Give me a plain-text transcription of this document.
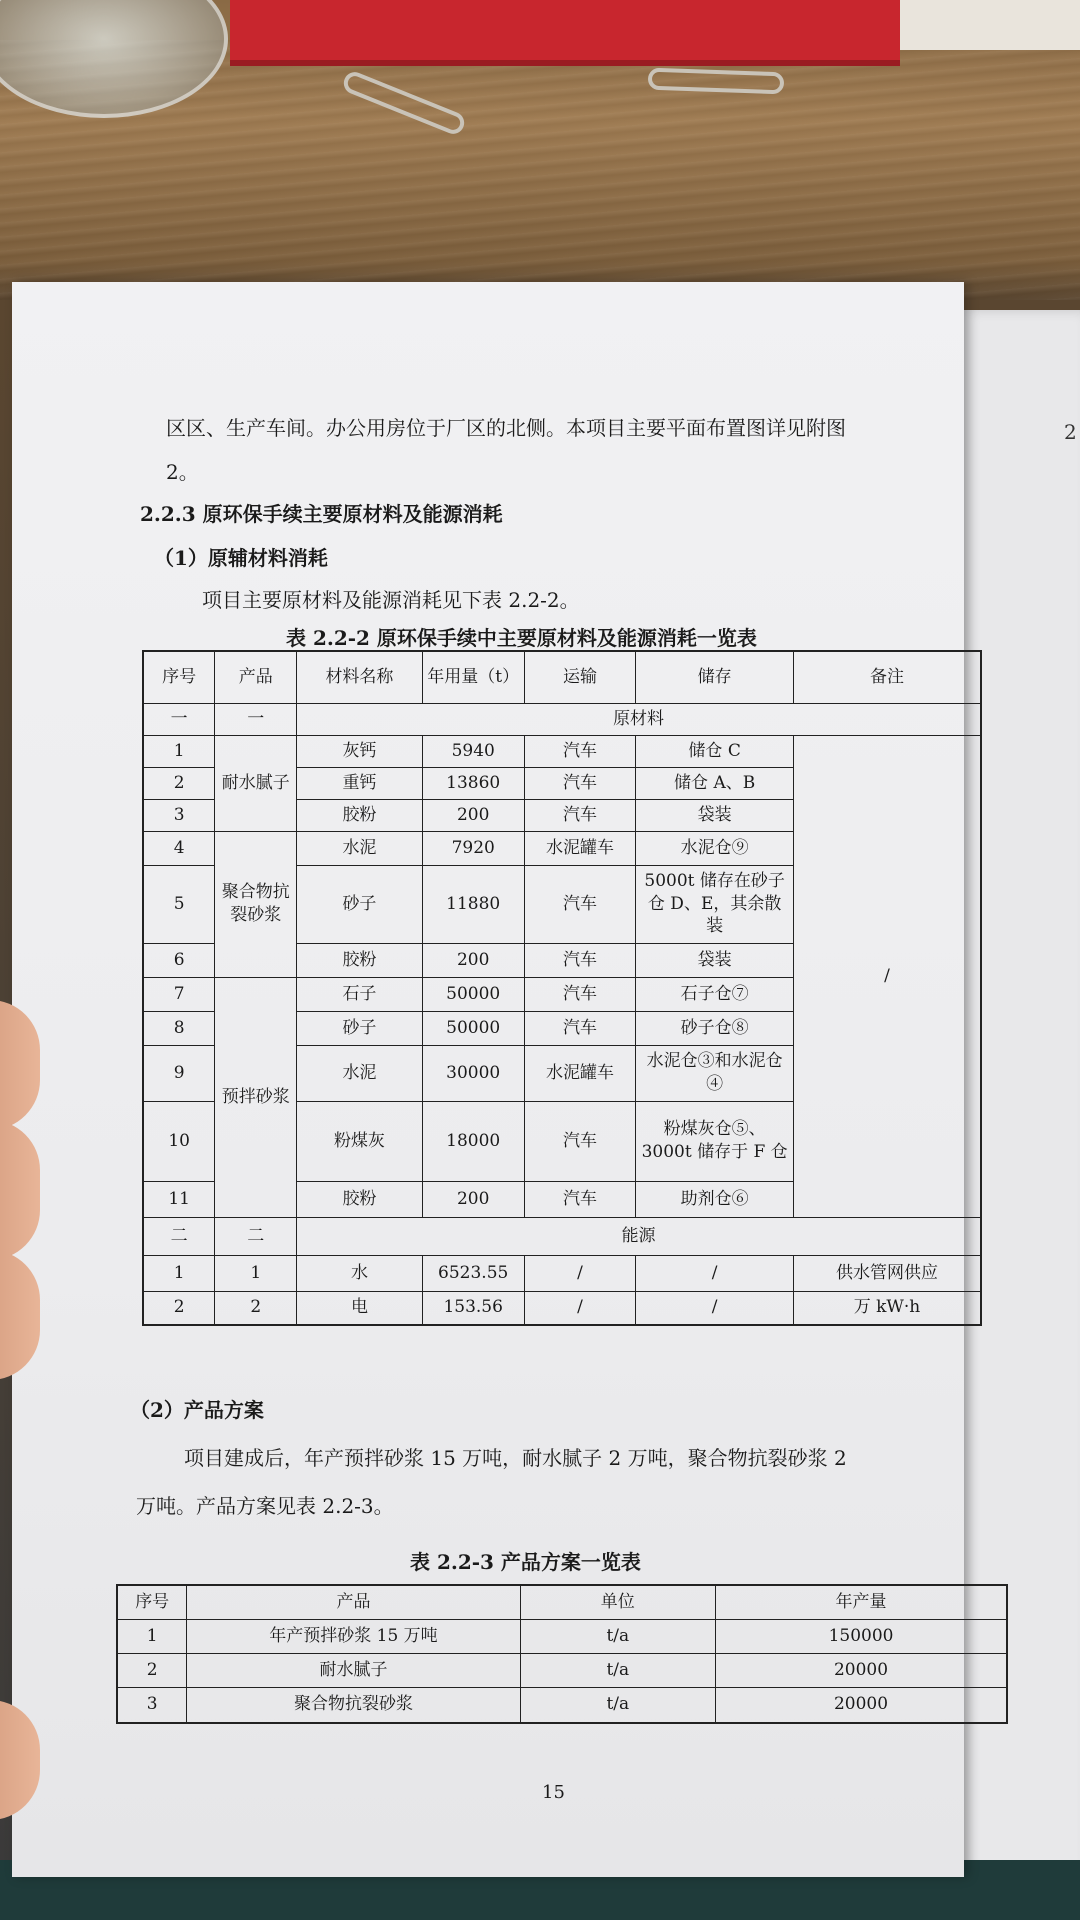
2
区区、生产车间。办公用房位于厂区的北侧。本项目主要平面布置图详见附图
2。
2.2.3 原环保手续主要原材料及能源消耗
（1）原辅材料消耗
项目主要原材料及能源消耗见下表 2.2-2。
表 2.2-2 原环保手续中主要原材料及能源消耗一览表
序号	产品	材料名称	年用量（t）	运输	储存	备注
一	一	原材料				
1	耐水腻子	灰钙	5940	汽车	储仓 C	/
2		重钙	13860	汽车	储仓 A、B	
3		胶粉	200	汽车	袋装	
4	聚合物抗裂砂浆	水泥	7920	水泥罐车	水泥仓⑨	
5		砂子	11880	汽车	5000t 储存在砂子仓 D、E，其余散装	
6		胶粉	200	汽车	袋装	
7	预拌砂浆	石子	50000	汽车	石子仓⑦	
8		砂子	50000	汽车	砂子仓⑧	
9		水泥	30000	水泥罐车	水泥仓③和水泥仓④	
10		粉煤灰	18000	汽车	粉煤灰仓⑤、3000t 储存于 F 仓	
11		胶粉	200	汽车	助剂仓⑥	
二	二	能源				
1	1	水	6523.55	/	/	供水管网供应
2	2	电	153.56	/	/	万 kW·h
（2）产品方案
项目建成后，年产预拌砂浆 15 万吨，耐水腻子 2 万吨，聚合物抗裂砂浆 2
万吨。产品方案见表 2.2-3。
表 2.2-3 产品方案一览表
序号	产品	单位	年产量
1	年产预拌砂浆 15 万吨	t/a	150000
2	耐水腻子	t/a	20000
3	聚合物抗裂砂浆	t/a	20000
15
